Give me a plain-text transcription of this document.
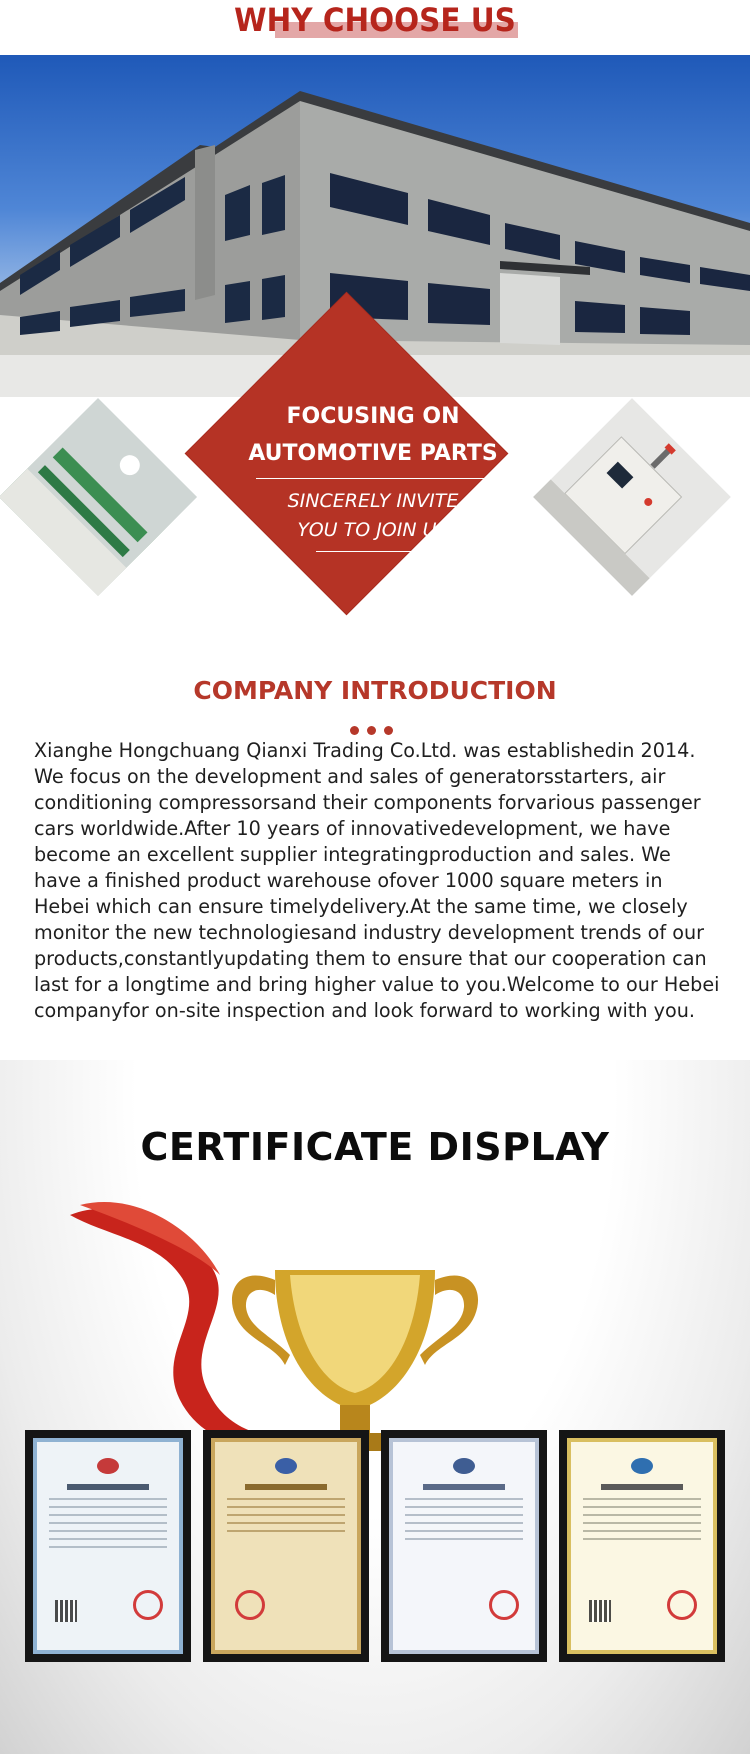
WHY CHOOSE US
FOCUSING ON
AUTOMOTIVE PARTS
SINCERELY INVITE
YOU TO JOIN US
COMPANY INTRODUCTION
Xianghe Hongchuang Qianxi Trading Co.Ltd. was establishedin 2014. We focus on the development and sales of generatorsstarters, air conditioning compressorsand their components forvarious passenger cars worldwide.After 10 years of innovativedevelopment, we have become an excellent supplier integratingproduction and sales. We have a finished product warehouse ofover 1000 square meters in Hebei which can ensure timelydelivery.At the same time, we closely monitor the new technologiesand industry development trends of our products,constantlyupdating them to ensure that our cooperation can last for a longtime and bring higher value to you.Welcome to our Hebei companyfor on-site inspection and look forward to working with you.
CERTIFICATE DISPLAY
